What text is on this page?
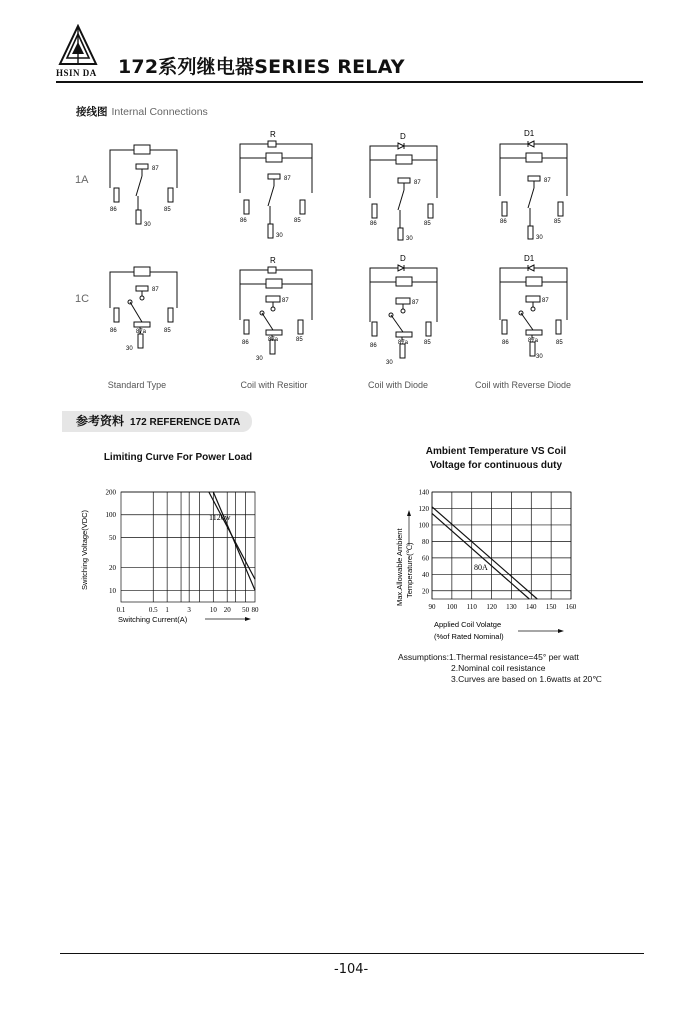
HSIN DA 172系列继电器SERIES RELAY
接线图 Internal Connections
1A
1C
87
86	85
30
R
87
86	85
30
D
87
86	85
30
D1
87
86	85
30
87
87a
86	85
30
R
87
87a
86	85
30
D
87
87a
86	85
30
D1
87
87a
86	85
30
Standard Type	Coil with Resitior	Coil with Diode	Coil with Reverse Diode
参考资料 172 REFERENCE DATA
Limiting Curve For Power Load
Switching Voltage(VDC)
0.1	0.5 1	3	10 20 50 80
200
100
50
20
10
1120w
Switching Current(A)
Ambient Temperature VS Coil Voltage for continuous duty
Max.Allowable Ambient Temperature(℃)
90 100 110 120 130 140 150 160
140
120
100
80
60
40
20
80A
Applied Coil Volatge
(%of Rated Nominal)
Assumptions:1.Thermal resistance=45° per watt
2.Nominal coil resistance
3.Curves are based on 1.6watts at 20℃
-104-
